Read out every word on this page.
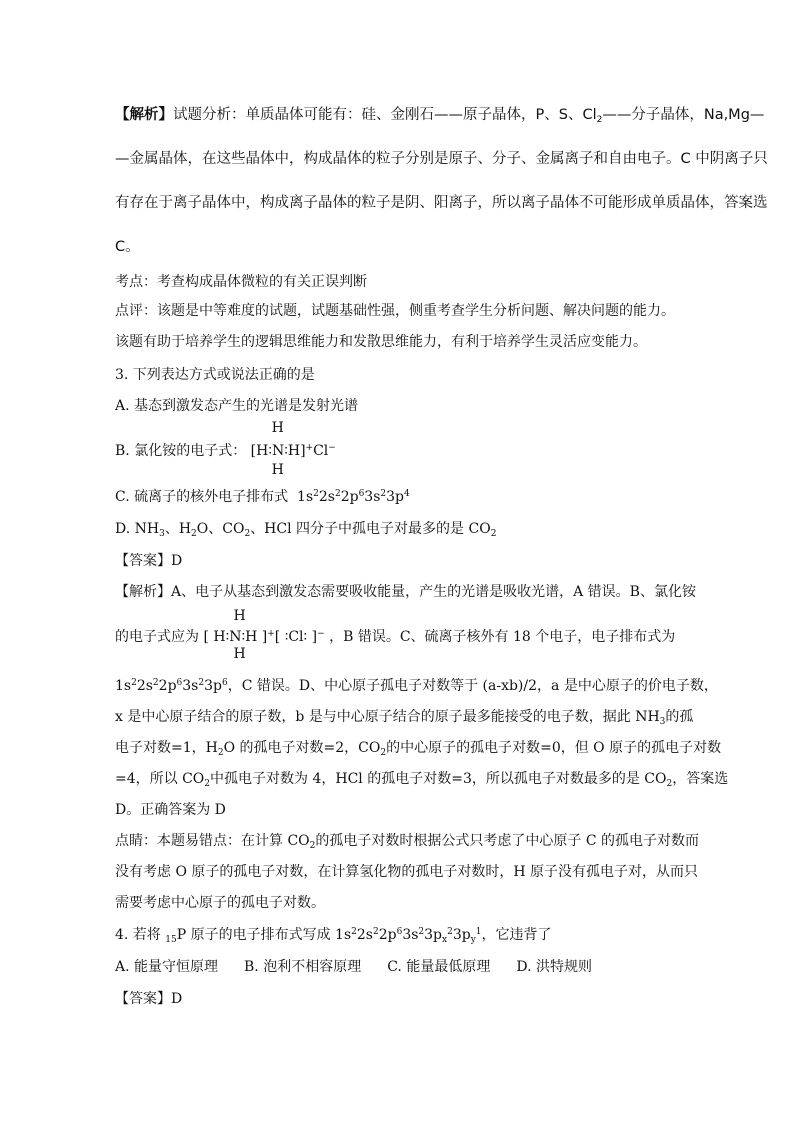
【解析】试题分析：单质晶体可能有：硅、金刚石——原子晶体，P、S、$Cl_2——$分子晶体，Na,Mg—
—金属晶体，在这些晶体中，构成晶体的粒子分别是原子、分子、金属离子和自由电子。C 中阴离子只
有存在于离子晶体中，构成离子晶体的粒子是阴、阳离子，所以离子晶体不可能形成单质晶体，答案选
C。
考点：考查构成晶体微粒的有关正误判断
点评：该题是中等难度的试题，试题基础性强，侧重考查学生分析问题、解决问题的能力。
该题有助于培养学生的逻辑思维能力和发散思维能力，有利于培养学生灵活应变能力。
3. 下列表达方式或说法正确的是
A. 基态到激发态产生的光谱是发射光谱
B. 氯化铵的电子式：
H
[H∶N∶H]+Cl−
H
C. 硫离子的核外电子排布式 $1s^22s^22p^63s^23p^4$
D. $NH_3$、$H_2O$、$CO_2$、HCl 四分子中孤电子对最多的是 $CO_2$
【答案】D
【解析】A、电子从基态到激发态需要吸收能量，产生的光谱是吸收光谱，A 错误。B、氯化铵
的电子式应为
H
[ H∶N∶H ]+[ ∶Cl∶ ]−
H
，B 错误。C、硫离子核外有 18 个电子，电子排布式为
$1s^22s^22p^63s^23p^6$，C 错误。D、中心原子孤电子对数等于 (a-xb)/2，a 是中心原子的价电子数，
x 是中心原子结合的原子数，b 是与中心原子结合的原子最多能接受的电子数，据此 $NH_3$的孤
电子对数=1，$H_2O$ 的孤电子对数=2，$CO_2$的中心原子的孤电子对数=0，但 O 原子的孤电子对数
=4，所以 $CO_2$中孤电子对数为 4，HCl 的孤电子对数=3，所以孤电子对数最多的是 $CO_2$，答案选
D。正确答案为 D
点睛：本题易错点：在计算 $CO_2$的孤电子对数时根据公式只考虑了中心原子 C 的孤电子对数而
没有考虑 O 原子的孤电子对数，在计算氢化物的孤电子对数时，H 原子没有孤电子对，从而只
需要考虑中心原子的孤电子对数。
4. 若将 $_{15}$P 原子的电子排布式写成 $1s^22s^22p^63s^23p_x^23p_y^1$，它违背了
A. 能量守恒原理 B. 泡利不相容原理 C. 能量最低原理 D. 洪特规则
【答案】D
